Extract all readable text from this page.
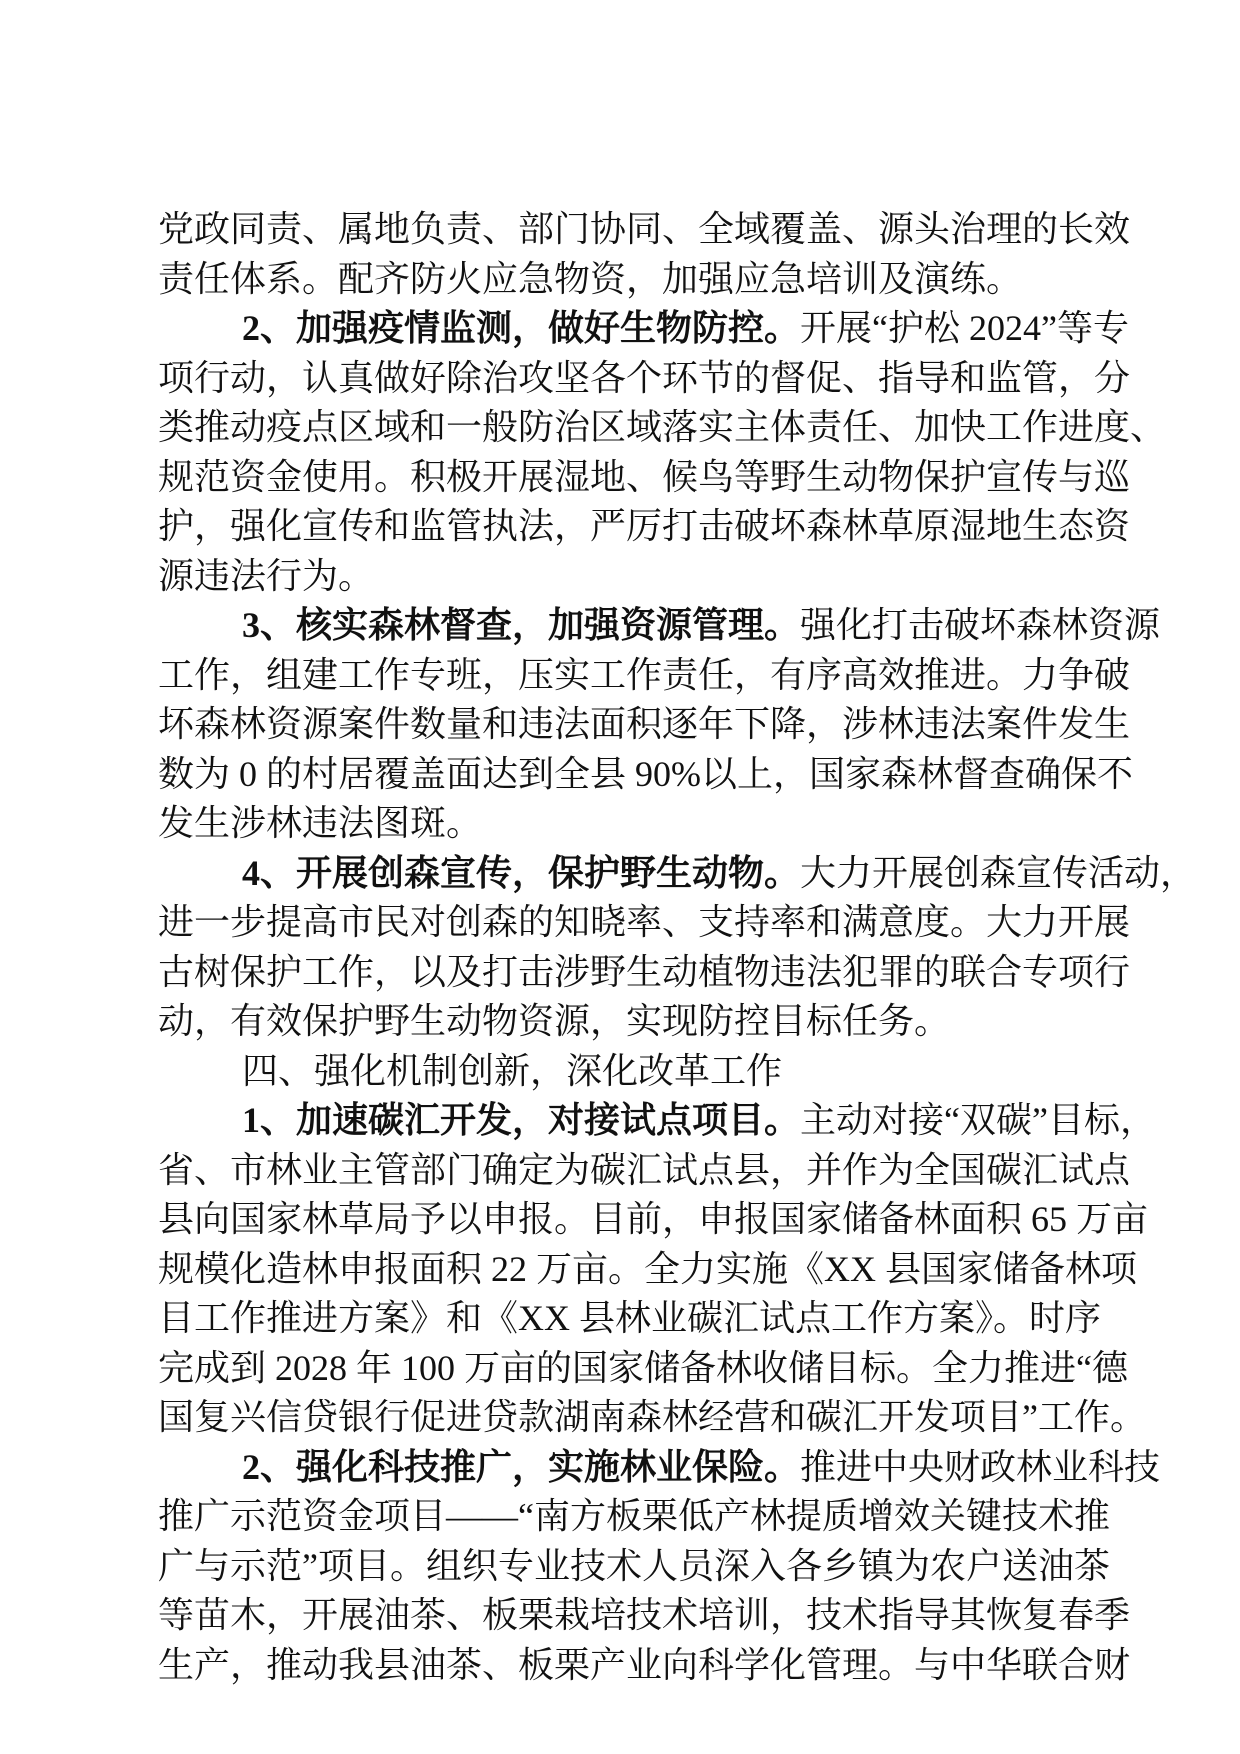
党政同责、属地负责、部门协同、全域覆盖、源头治理的长效
责任体系。配齐防火应急物资，加强应急培训及演练。
2、加强疫情监测，做好生物防控。开展“护松 2024”等专
项行动，认真做好除治攻坚各个环节的督促、指导和监管，分
类推动疫点区域和一般防治区域落实主体责任、加快工作进度、
规范资金使用。积极开展湿地、候鸟等野生动物保护宣传与巡
护，强化宣传和监管执法，严厉打击破坏森林草原湿地生态资
源违法行为。
3、核实森林督查，加强资源管理。强化打击破坏森林资源
工作，组建工作专班，压实工作责任，有序高效推进。力争破
坏森林资源案件数量和违法面积逐年下降，涉林违法案件发生
数为 0 的村居覆盖面达到全县 90%以上，国家森林督查确保不
发生涉林违法图斑。
4、开展创森宣传，保护野生动物。大力开展创森宣传活动，
进一步提高市民对创森的知晓率、支持率和满意度。大力开展
古树保护工作，以及打击涉野生动植物违法犯罪的联合专项行
动，有效保护野生动物资源，实现防控目标任务。
四、强化机制创新，深化改革工作
1、加速碳汇开发，对接试点项目。主动对接“双碳”目标，
省、市林业主管部门确定为碳汇试点县，并作为全国碳汇试点
县向国家林草局予以申报。目前，申报国家储备林面积 65 万亩
规模化造林申报面积 22 万亩。全力实施《XX 县国家储备林项
目工作推进方案》和《XX 县林业碳汇试点工作方案》。时序
完成到 2028 年 100 万亩的国家储备林收储目标。全力推进“德
国复兴信贷银行促进贷款湖南森林经营和碳汇开发项目”工作。
2、强化科技推广，实施林业保险。推进中央财政林业科技
推广示范资金项目——“南方板栗低产林提质增效关键技术推
广与示范”项目。组织专业技术人员深入各乡镇为农户送油茶
等苗木，开展油茶、板栗栽培技术培训，技术指导其恢复春季
生产，推动我县油茶、板栗产业向科学化管理。与中华联合财
